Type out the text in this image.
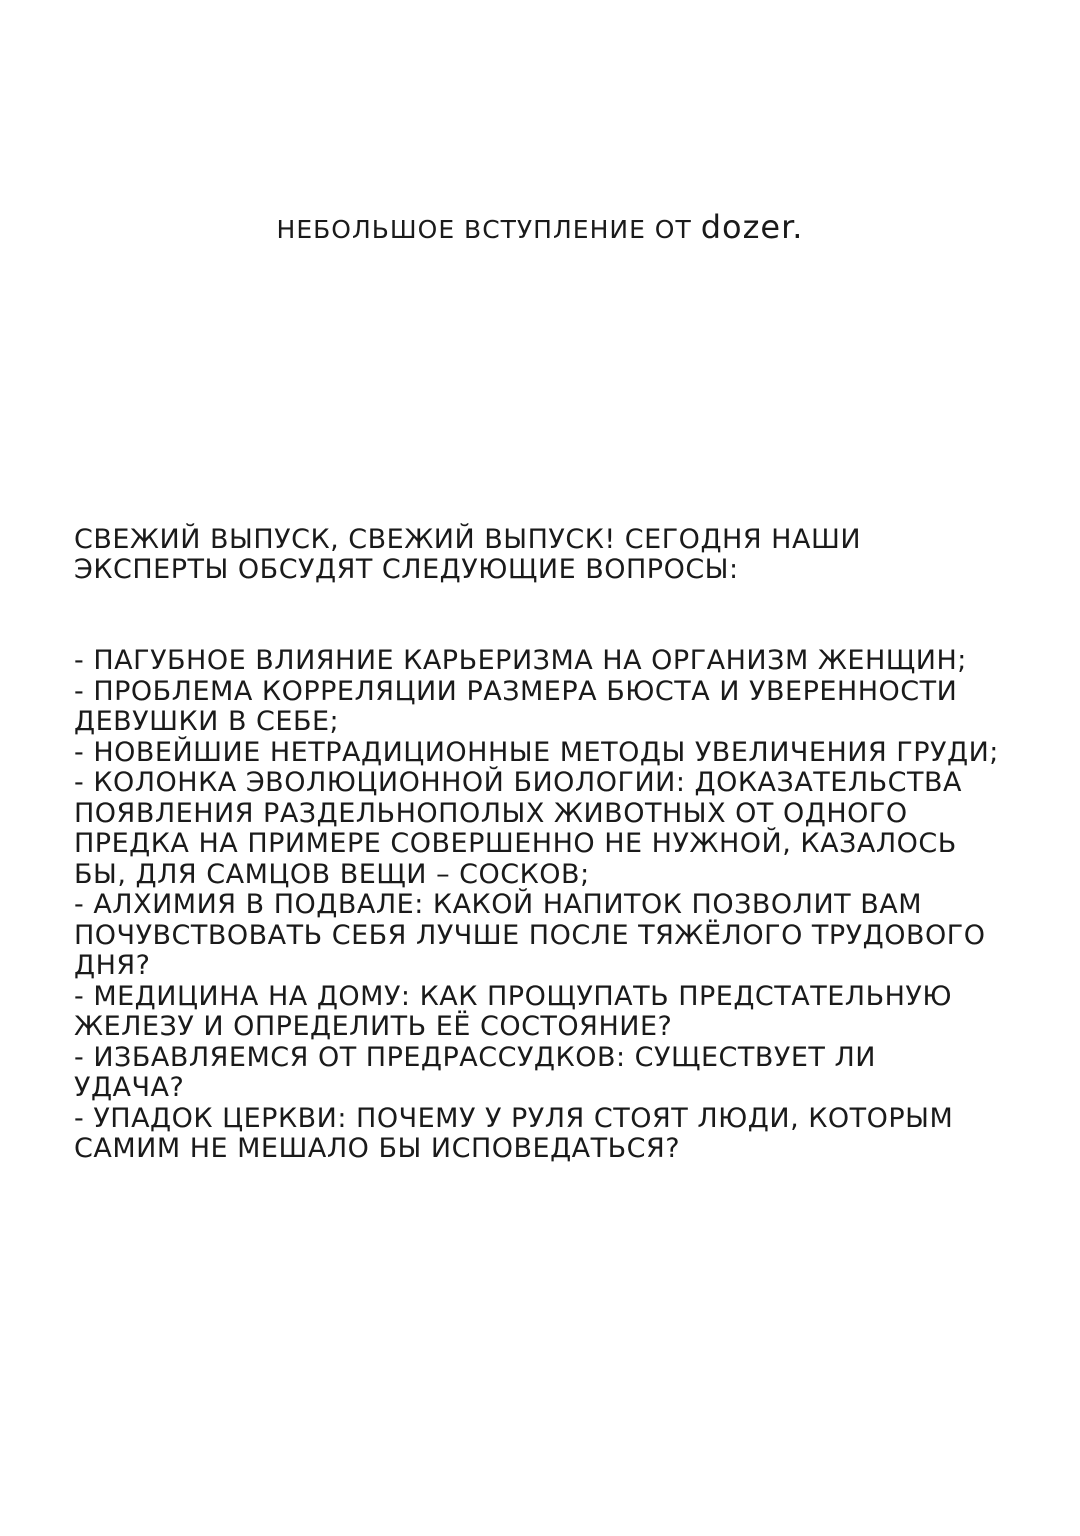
НЕБОЛЬШОЕ ВСТУПЛЕНИЕ ОТ dozer.

СВЕЖИЙ ВЫПУСК, СВЕЖИЙ ВЫПУСК! СЕГОДНЯ НАШИ
ЭКСПЕРТЫ ОБСУДЯТ СЛЕДУЮЩИЕ ВОПРОСЫ:

- ПАГУБНОЕ ВЛИЯНИЕ КАРЬЕРИЗМА НА ОРГАНИЗМ ЖЕНЩИН;
- ПРОБЛЕМА КОРРЕЛЯЦИИ РАЗМЕРА БЮСТА И УВЕРЕННОСТИ
ДЕВУШКИ В СЕБЕ;
- НОВЕЙШИЕ НЕТРАДИЦИОННЫЕ МЕТОДЫ УВЕЛИЧЕНИЯ ГРУДИ;
- КОЛОНКА ЭВОЛЮЦИОННОЙ БИОЛОГИИ: ДОКАЗАТЕЛЬСТВА
ПОЯВЛЕНИЯ РАЗДЕЛЬНОПОЛЫХ ЖИВОТНЫХ ОТ ОДНОГО
ПРЕДКА НА ПРИМЕРЕ СОВЕРШЕННО НЕ НУЖНОЙ, КАЗАЛОСЬ
БЫ, ДЛЯ САМЦОВ ВЕЩИ – СОСКОВ;
- АЛХИМИЯ В ПОДВАЛЕ: КАКОЙ НАПИТОК ПОЗВОЛИТ ВАМ
ПОЧУВСТВОВАТЬ СЕБЯ ЛУЧШЕ ПОСЛЕ ТЯЖЁЛОГО ТРУДОВОГО
ДНЯ?
- МЕДИЦИНА НА ДОМУ: КАК ПРОЩУПАТЬ ПРЕДСТАТЕЛЬНУЮ
ЖЕЛЕЗУ И ОПРЕДЕЛИТЬ ЕЁ СОСТОЯНИЕ?
- ИЗБАВЛЯЕМСЯ ОТ ПРЕДРАССУДКОВ: СУЩЕСТВУЕТ ЛИ
УДАЧА?
- УПАДОК ЦЕРКВИ: ПОЧЕМУ У РУЛЯ СТОЯТ ЛЮДИ, КОТОРЫМ
САМИМ НЕ МЕШАЛО БЫ ИСПОВЕДАТЬСЯ?
